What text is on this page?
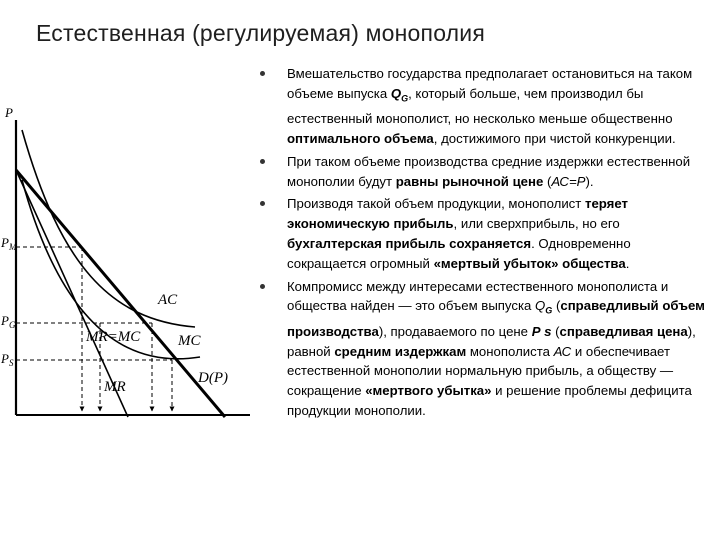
Естественная (регулируемая) монополия
P
$P_M$
$P_G$
$P_S$
AC
MC
MR=MC
MR
D(P)
Вмешательство государства предполагает остановиться на таком объеме выпуска $Q_G$, который больше, чем производил бы естественный монополист, но несколько меньше общественно оптимального объема, достижимого при чистой конкуренции.
При таком объеме производства средние издержки естественной монополии будут равны рыночной цене (АС=Р).
Производя такой объем продукции, монополист теряет экономическую прибыль, или сверхприбыль, но его бухгалтерская прибыль сохраняется. Одновременно сокращается огромный «мертвый убыток» общества.
Компромисс между интересами естественного монополиста и общества найден — это объем выпуска $Q_G$ (справедливый объем производства), продаваемого по цене Р s (справедливая цена), равной средним издержкам монополиста АС и обеспечивает естественной монополии нормальную прибыль, а обществу — сокращение «мертвого убытка» и решение проблемы дефицита продукции монополии.
